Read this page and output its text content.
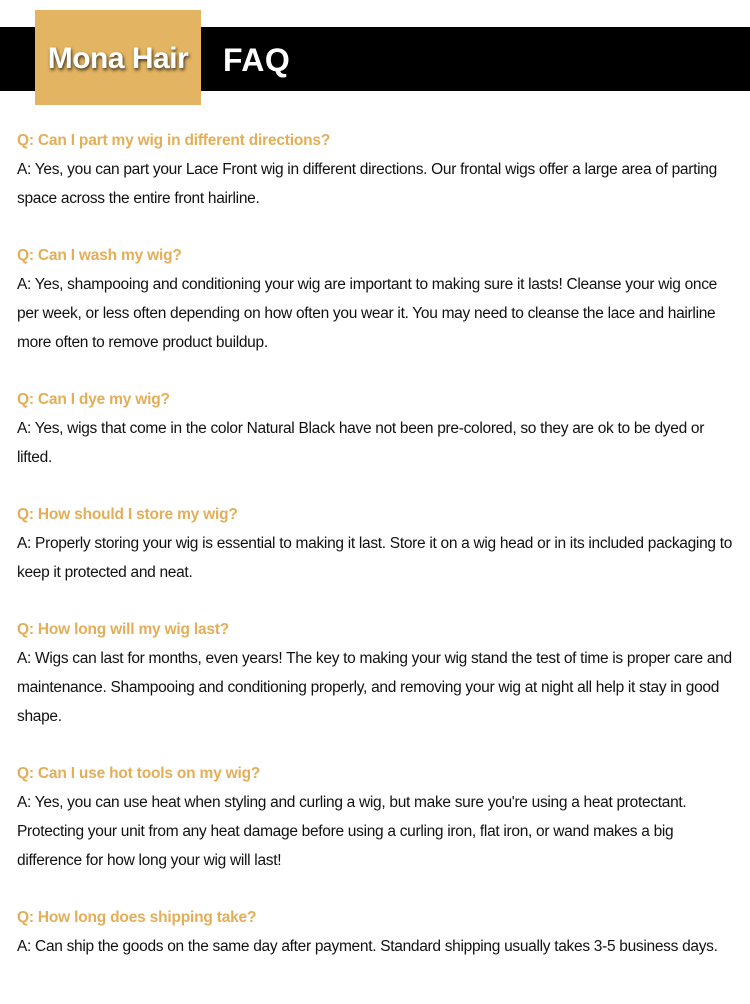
Mona Hair FAQ
Q: Can I part my wig in different directions?

A: Yes, you can part your Lace Front wig in different directions. Our frontal wigs offer a large area of parting space across the entire front hairline.

Q: Can I wash my wig?

A: Yes, shampooing and conditioning your wig are important to making sure it lasts! Cleanse your wig once per week, or less often depending on how often you wear it. You may need to cleanse the lace and hairline more often to remove product buildup.

Q: Can I dye my wig?

A: Yes, wigs that come in the color Natural Black have not been pre-colored, so they are ok to be dyed or lifted.

Q: How should I store my wig?

A: Properly storing your wig is essential to making it last. Store it on a wig head or in its included packaging to keep it protected and neat.

Q: How long will my wig last?

A: Wigs can last for months, even years! The key to making your wig stand the test of time is proper care and maintenance. Shampooing and conditioning properly, and removing your wig at night all help it stay in good shape.

Q: Can I use hot tools on my wig?

A: Yes, you can use heat when styling and curling a wig, but make sure you're using a heat protectant. Protecting your unit from any heat damage before using a curling iron, flat iron, or wand makes a big difference for how long your wig will last!

Q: How long does shipping take?

A: Can ship the goods on the same day after payment. Standard shipping usually takes 3-5 business days.
